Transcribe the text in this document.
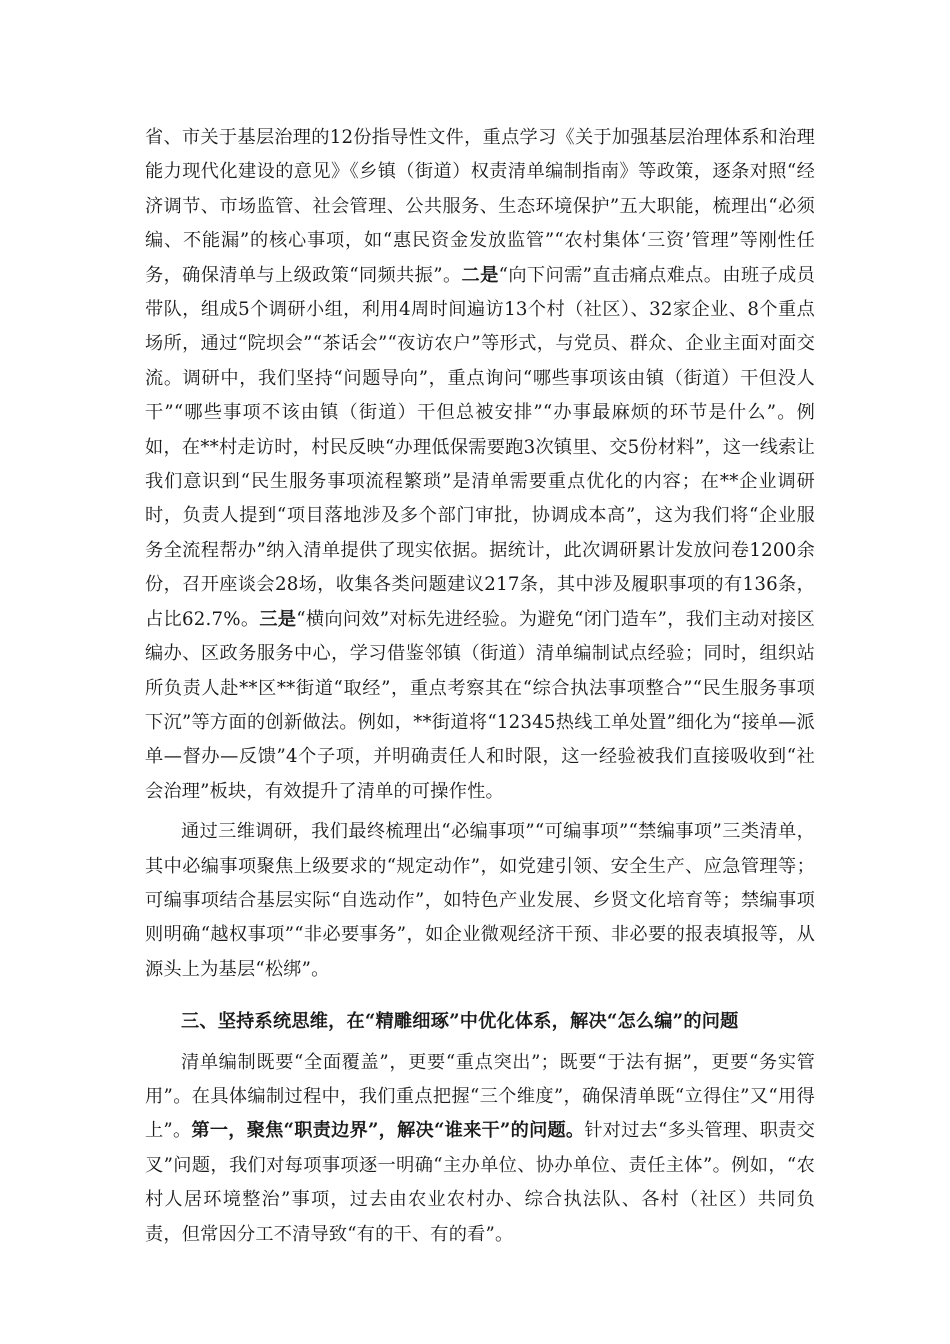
省、市关于基层治理的12份指导性文件，重点学习《关于加强基层治理体系和治理能力现代化建设的意见》《乡镇（街道）权责清单编制指南》等政策，逐条对照“经济调节、市场监管、社会管理、公共服务、生态环境保护”五大职能，梳理出“必须编、不能漏”的核心事项，如“惠民资金发放监管”“农村集体‘三资’管理”等刚性任务，确保清单与上级政策“同频共振”。二是“向下问需”直击痛点难点。由班子成员带队，组成5个调研小组，利用4周时间遍访13个村（社区）、32家企业、8个重点场所，通过“院坝会”“茶话会”“夜访农户”等形式，与党员、群众、企业主面对面交流。调研中，我们坚持“问题导向”，重点询问“哪些事项该由镇（街道）干但没人干”“哪些事项不该由镇（街道）干但总被安排”“办事最麻烦的环节是什么”。例如，在**村走访时，村民反映“办理低保需要跑3次镇里、交5份材料”，这一线索让我们意识到“民生服务事项流程繁琐”是清单需要重点优化的内容；在**企业调研时，负责人提到“项目落地涉及多个部门审批，协调成本高”，这为我们将“企业服务全流程帮办”纳入清单提供了现实依据。据统计，此次调研累计发放问卷1200余份，召开座谈会28场，收集各类问题建议217条，其中涉及履职事项的有136条，占比62.7%。三是“横向问效”对标先进经验。为避免“闭门造车”，我们主动对接区编办、区政务服务中心，学习借鉴邻镇（街道）清单编制试点经验；同时，组织站所负责人赴**区**街道“取经”，重点考察其在“综合执法事项整合”“民生服务事项下沉”等方面的创新做法。例如，**街道将“12345热线工单处置”细化为“接单—派单—督办—反馈”4个子项，并明确责任人和时限，这一经验被我们直接吸收到“社会治理”板块，有效提升了清单的可操作性。

通过三维调研，我们最终梳理出“必编事项”“可编事项”“禁编事项”三类清单，其中必编事项聚焦上级要求的“规定动作”，如党建引领、安全生产、应急管理等；可编事项结合基层实际“自选动作”，如特色产业发展、乡贤文化培育等；禁编事项则明确“越权事项”“非必要事务”，如企业微观经济干预、非必要的报表填报等，从源头上为基层“松绑”。

三、坚持系统思维，在“精雕细琢”中优化体系，解决“怎么编”的问题

清单编制既要“全面覆盖”，更要“重点突出”；既要“于法有据”，更要“务实管用”。在具体编制过程中，我们重点把握“三个维度”，确保清单既“立得住”又“用得上”。第一，聚焦“职责边界”，解决“谁来干”的问题。针对过去“多头管理、职责交叉”问题，我们对每项事项逐一明确“主办单位、协办单位、责任主体”。例如，“农村人居环境整治”事项，过去由农业农村办、综合执法队、各村（社区）共同负责，但常因分工不清导致“有的干、有的看”。
